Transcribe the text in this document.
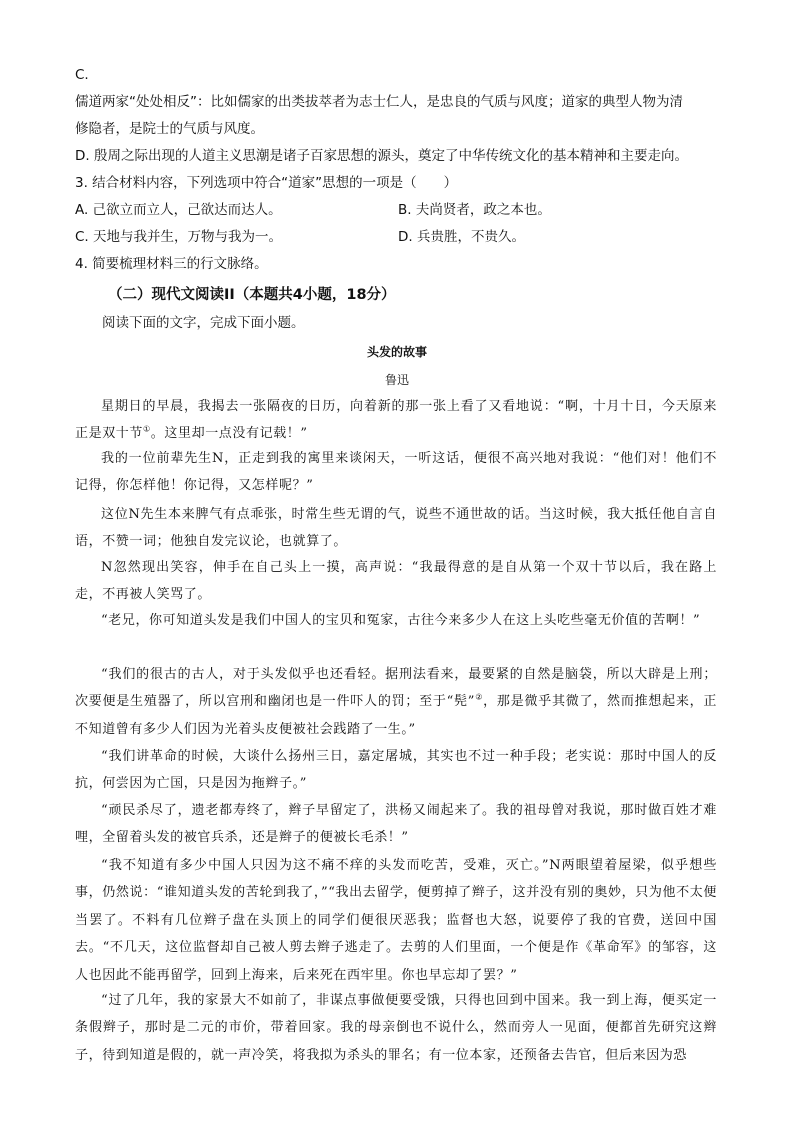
C.
儒道两家“处处相反”：比如儒家的出类拔萃者为志士仁人，是忠良的气质与风度；道家的典型人物为清
修隐者，是院士的气质与风度。
D. 殷周之际出现的人道主义思潮是诸子百家思想的源头，奠定了中华传统文化的基本精神和主要走向。
3. 结合材料内容，下列选项中符合“道家”思想的一项是（　　）
A. 己欲立而立人，己欲达而达人。	B. 夫尚贤者，政之本也。
C. 天地与我并生，万物与我为一。	D. 兵贵胜，不贵久。
4. 简要梳理材料三的行文脉络。
（二）现代文阅读II（本题共4小题，18分）
阅读下面的文字，完成下面小题。
头发的故事
鲁迅
星期日的早晨，我揭去一张隔夜的日历，向着新的那一张上看了又看地说：“啊，十月十日，今天原来正是双十节①。这里却一点没有记载！”
我的一位前辈先生N，正走到我的寓里来谈闲天，一听这话，便很不高兴地对我说：“他们对！他们不记得，你怎样他！你记得，又怎样呢？”
这位N先生本来脾气有点乖张，时常生些无谓的气，说些不通世故的话。当这时候，我大抵任他自言自语，不赞一词；他独自发完议论，也就算了。
N忽然现出笑容，伸手在自己头上一摸，高声说：“我最得意的是自从第一个双十节以后，我在路上走，不再被人笑骂了。
“老兄，你可知道头发是我们中国人的宝贝和冤家，古往今来多少人在这上头吃些毫无价值的苦啊！”
“我们的很古的古人，对于头发似乎也还看轻。据刑法看来，最要紧的自然是脑袋，所以大辟是上刑；次要便是生殖器了，所以宫刑和幽闭也是一件吓人的罚；至于“髡”②，那是微乎其微了，然而推想起来，正不知道曾有多少人们因为光着头皮便被社会践踏了一生。”
“我们讲革命的时候，大谈什么扬州三日，嘉定屠城，其实也不过一种手段；老实说：那时中国人的反抗，何尝因为亡国，只是因为拖辫子。”
“顽民杀尽了，遗老都寿终了，辫子早留定了，洪杨又闹起来了。我的祖母曾对我说，那时做百姓才难哩，全留着头发的被官兵杀，还是辫子的便被长毛杀！”
“我不知道有多少中国人只因为这不痛不痒的头发而吃苦，受难，灭亡。”N两眼望着屋梁，似乎想些事，仍然说：“谁知道头发的苦轮到我了，”“我出去留学，便剪掉了辫子，这并没有别的奥妙，只为他不太便当罢了。不料有几位辫子盘在头顶上的同学们便很厌恶我；监督也大怒，说要停了我的官费，送回中国去。“不几天，这位监督却自己被人剪去辫子逃走了。去剪的人们里面，一个便是作《革命军》的邹容，这人也因此不能再留学，回到上海来，后来死在西牢里。你也早忘却了罢？”
“过了几年，我的家景大不如前了，非谋点事做便要受饿，只得也回到中国来。我一到上海，便买定一条假辫子，那时是二元的市价，带着回家。我的母亲倒也不说什么，然而旁人一见面，便都首先研究这辫子，待到知道是假的，就一声冷笑，将我拟为杀头的罪名；有一位本家，还预备去告官，但后来因为恐
